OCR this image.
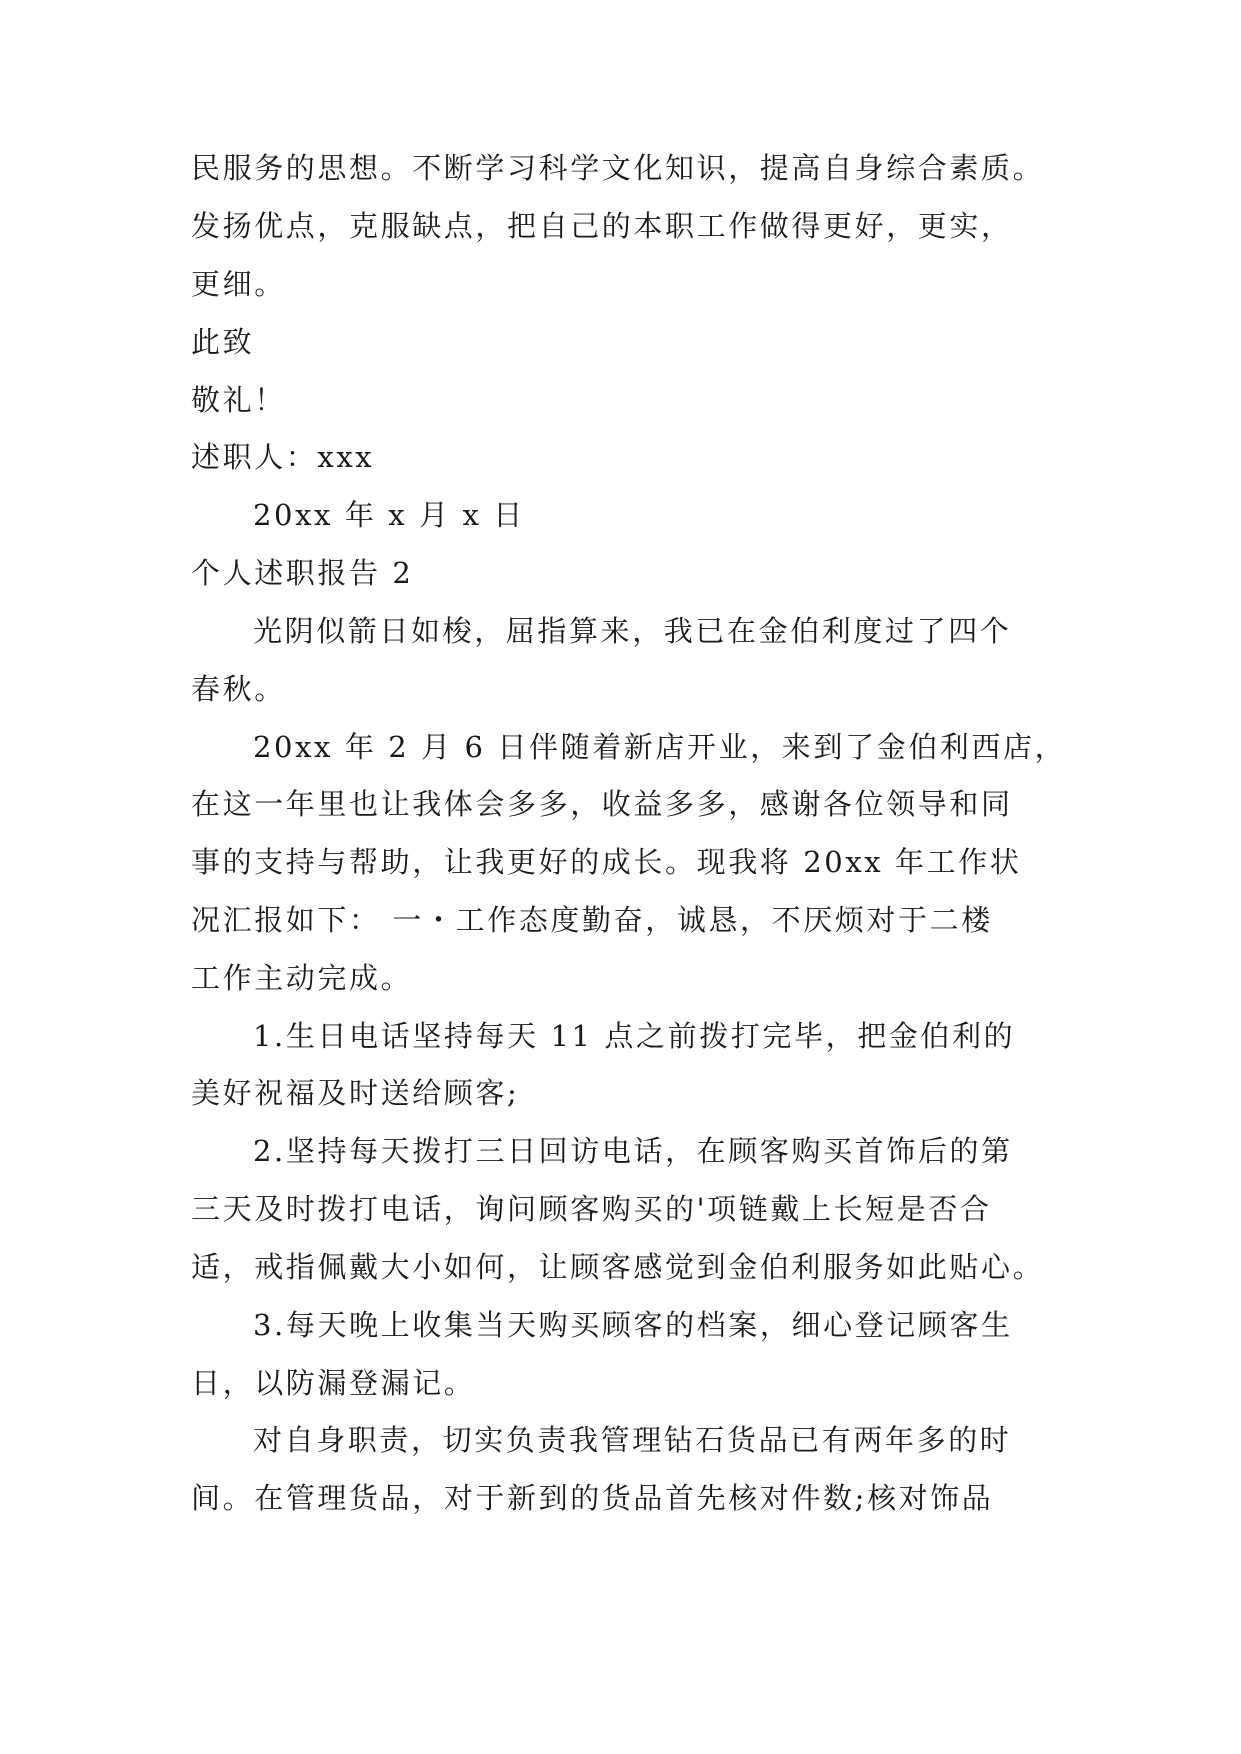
民服务的思想。不断学习科学文化知识，提高自身综合素质。
发扬优点，克服缺点，把自己的本职工作做得更好，更实，
更细。
此致
敬礼！
述职人：xxx
20xx 年 x 月 x 日
个人述职报告 2
光阴似箭日如梭，屈指算来，我已在金伯利度过了四个
春秋。
20xx 年 2 月 6 日伴随着新店开业，来到了金伯利西店，
在这一年里也让我体会多多，收益多多，感谢各位领导和同
事的支持与帮助，让我更好的成长。现我将 20xx 年工作状
况汇报如下： 一・工作态度勤奋，诚恳，不厌烦对于二楼
工作主动完成。
1.生日电话坚持每天 11 点之前拨打完毕，把金伯利的
美好祝福及时送给顾客;
2.坚持每天拨打三日回访电话，在顾客购买首饰后的第
三天及时拨打电话，询问顾客购买的'项链戴上长短是否合
适，戒指佩戴大小如何，让顾客感觉到金伯利服务如此贴心。
3.每天晚上收集当天购买顾客的档案，细心登记顾客生
日，以防漏登漏记。
对自身职责，切实负责我管理钻石货品已有两年多的时
间。在管理货品，对于新到的货品首先核对件数;核对饰品
